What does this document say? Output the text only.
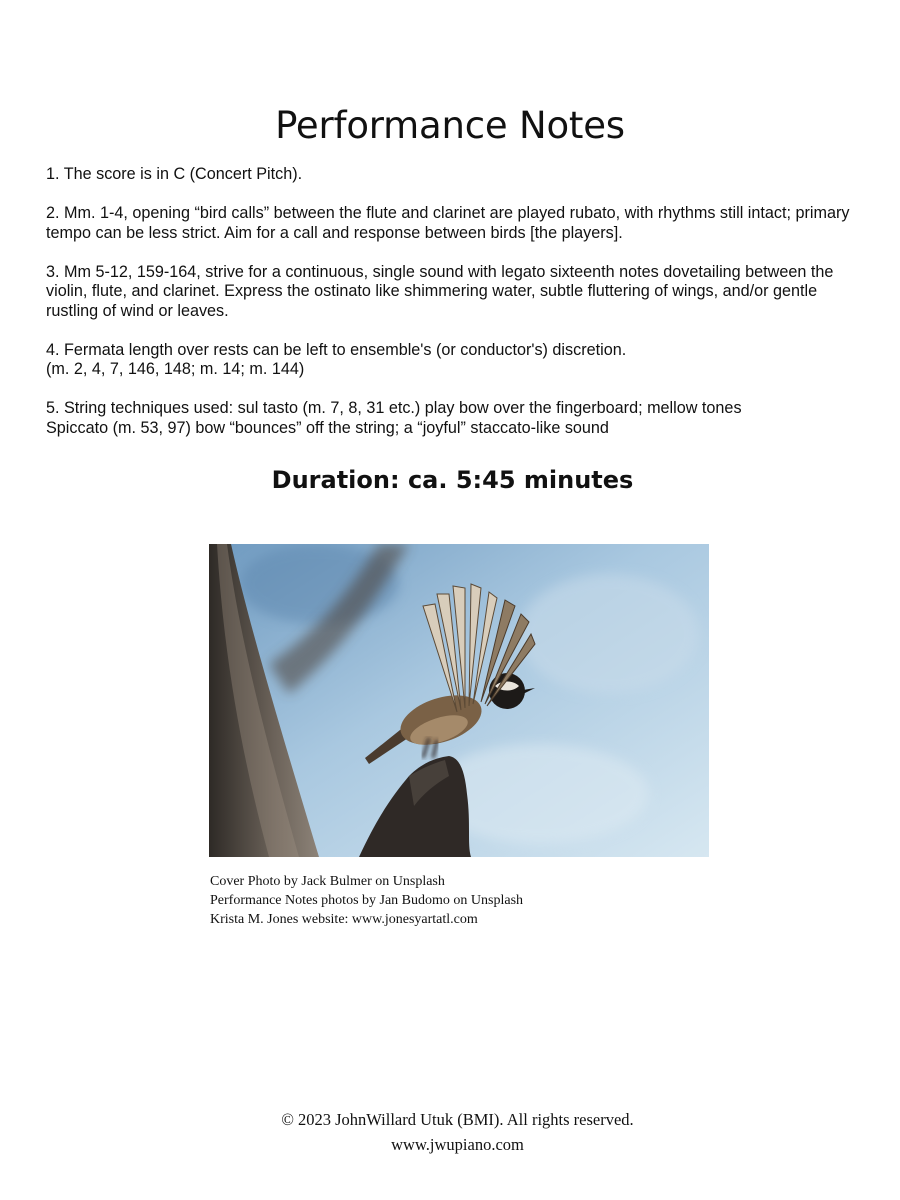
Performance Notes

1. The score is in C (Concert Pitch).

2. Mm. 1-4, opening “bird calls” between the flute and clarinet are played rubato, with rhythms still intact; primary tempo can be less strict. Aim for a call and response between birds [the players].

3. Mm 5-12, 159-164, strive for a continuous, single sound with legato sixteenth notes dovetailing between the violin, flute, and clarinet. Express the ostinato like shimmering water, subtle fluttering of wings, and/or gentle rustling of wind or leaves.

4. Fermata length over rests can be left to ensemble's (or conductor's) discretion.
(m. 2, 4, 7, 146, 148; m. 14; m. 144)

5. String techniques used: sul tasto (m. 7, 8, 31 etc.) play bow over the fingerboard; mellow tones
Spiccato (m. 53, 97) bow “bounces” off the string; a “joyful” staccato-like sound

Duration: ca. 5:45 minutes
Cover Photo by Jack Bulmer on Unsplash
Performance Notes photos by Jan Budomo on Unsplash
Krista M. Jones website: www.jonesyartatl.com
© 2023 JohnWillard Utuk (BMI). All rights reserved.
www.jwupiano.com
